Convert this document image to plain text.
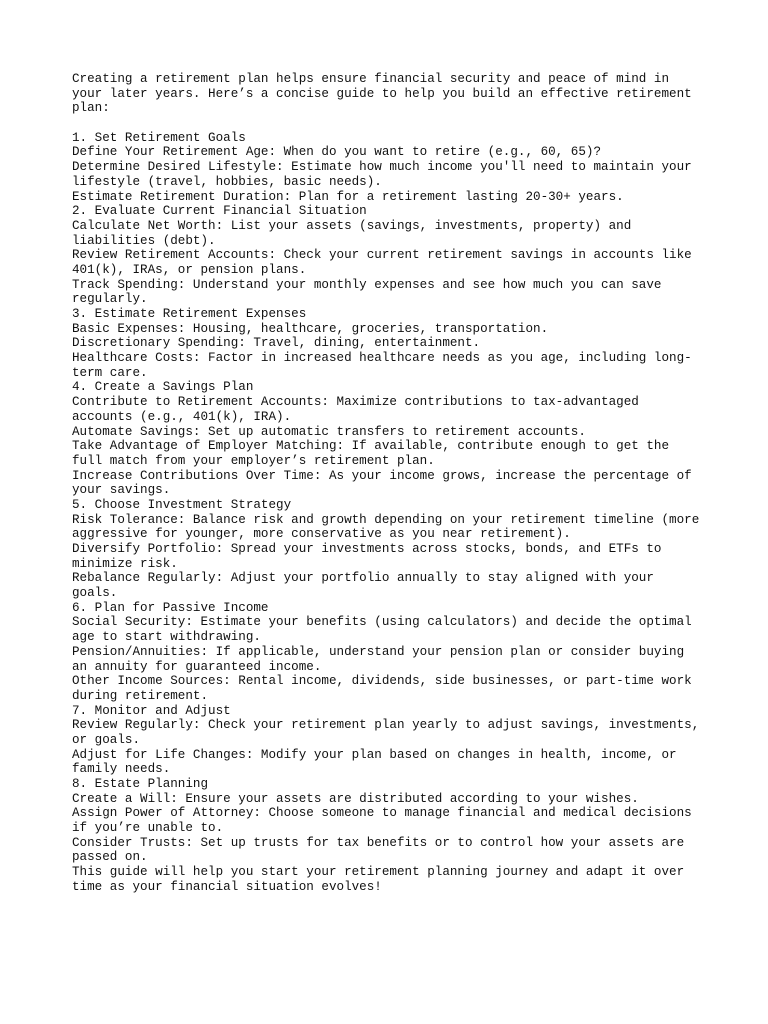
Creating a retirement plan helps ensure financial security and peace of mind in
your later years. Here’s a concise guide to help you build an effective retirement
plan:
1. Set Retirement Goals
Define Your Retirement Age: When do you want to retire (e.g., 60, 65)?
Determine Desired Lifestyle: Estimate how much income you'll need to maintain your
lifestyle (travel, hobbies, basic needs).
Estimate Retirement Duration: Plan for a retirement lasting 20-30+ years.
2. Evaluate Current Financial Situation
Calculate Net Worth: List your assets (savings, investments, property) and
liabilities (debt).
Review Retirement Accounts: Check your current retirement savings in accounts like
401(k), IRAs, or pension plans.
Track Spending: Understand your monthly expenses and see how much you can save
regularly.
3. Estimate Retirement Expenses
Basic Expenses: Housing, healthcare, groceries, transportation.
Discretionary Spending: Travel, dining, entertainment.
Healthcare Costs: Factor in increased healthcare needs as you age, including long-
term care.
4. Create a Savings Plan
Contribute to Retirement Accounts: Maximize contributions to tax-advantaged
accounts (e.g., 401(k), IRA).
Automate Savings: Set up automatic transfers to retirement accounts.
Take Advantage of Employer Matching: If available, contribute enough to get the
full match from your employer’s retirement plan.
Increase Contributions Over Time: As your income grows, increase the percentage of
your savings.
5. Choose Investment Strategy
Risk Tolerance: Balance risk and growth depending on your retirement timeline (more
aggressive for younger, more conservative as you near retirement).
Diversify Portfolio: Spread your investments across stocks, bonds, and ETFs to
minimize risk.
Rebalance Regularly: Adjust your portfolio annually to stay aligned with your
goals.
6. Plan for Passive Income
Social Security: Estimate your benefits (using calculators) and decide the optimal
age to start withdrawing.
Pension/Annuities: If applicable, understand your pension plan or consider buying
an annuity for guaranteed income.
Other Income Sources: Rental income, dividends, side businesses, or part-time work
during retirement.
7. Monitor and Adjust
Review Regularly: Check your retirement plan yearly to adjust savings, investments,
or goals.
Adjust for Life Changes: Modify your plan based on changes in health, income, or
family needs.
8. Estate Planning
Create a Will: Ensure your assets are distributed according to your wishes.
Assign Power of Attorney: Choose someone to manage financial and medical decisions
if you’re unable to.
Consider Trusts: Set up trusts for tax benefits or to control how your assets are
passed on.
This guide will help you start your retirement planning journey and adapt it over
time as your financial situation evolves!
